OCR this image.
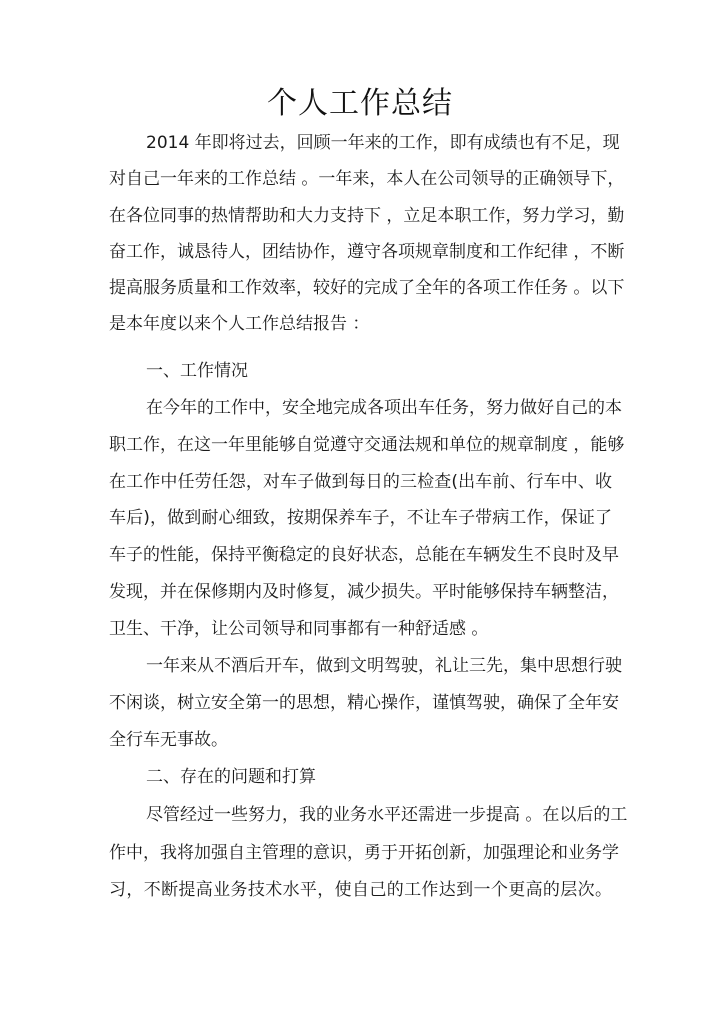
个人工作总结
2014 年即将过去，回顾一年来的工作，即有成绩也有不足，现
对自己一年来的工作总结 。一年来，本人在公司领导的正确领导下，
在各位同事的热情帮助和大力支持下 ，立足本职工作，努力学习，勤
奋工作，诚恳待人，团结协作，遵守各项规章制度和工作纪律 ，不断
提高服务质量和工作效率，较好的完成了全年的各项工作任务 。以下
是本年度以来个人工作总结报告 ：
一、工作情况
在今年的工作中，安全地完成各项出车任务，努力做好自己的本
职工作，在这一年里能够自觉遵守交通法规和单位的规章制度 ，能够
在工作中任劳任怨，对车子做到每日的三检查(出车前、行车中、收
车后)，做到耐心细致，按期保养车子，不让车子带病工作，保证了
车子的性能，保持平衡稳定的良好状态，总能在车辆发生不良时及早
发现，并在保修期内及时修复，减少损失。平时能够保持车辆整洁，
卫生、干净，让公司领导和同事都有一种舒适感 。
一年来从不酒后开车，做到文明驾驶，礼让三先，集中思想行驶
不闲谈，树立安全第一的思想，精心操作，谨慎驾驶，确保了全年安
全行车无事故。
二、存在的问题和打算
尽管经过一些努力，我的业务水平还需进一步提高 。在以后的工
作中，我将加强自主管理的意识，勇于开拓创新，加强理论和业务学
习，不断提高业务技术水平，使自己的工作达到一个更高的层次。
